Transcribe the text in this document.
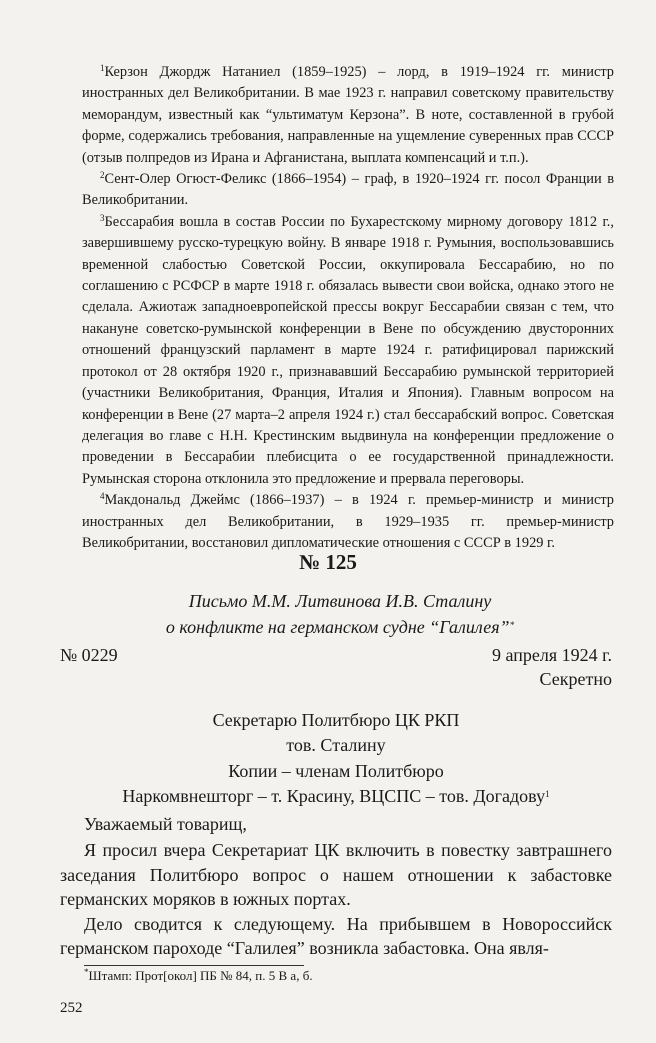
$^1$Керзон Джордж Натаниел (1859–1925) – лорд, в 1919–1924 гг. министр иностранных дел Великобритании. В мае 1923 г. направил советскому правительству меморандум, известный как “ультиматум Керзона”. В ноте, составленной в грубой форме, содержались требования, направленные на ущемление суверенных прав СССР (отзыв полпредов из Ирана и Афганистана, выплата компенсаций и т.п.).

$^2$Сент-Олер Огюст-Феликс (1866–1954) – граф, в 1920–1924 гг. посол Франции в Великобритании.

$^3$Бессарабия вошла в состав России по Бухарестскому мирному договору 1812 г., завершившему русско-турецкую войну. В январе 1918 г. Румыния, воспользовавшись временной слабостью Советской России, оккупировала Бессарабию, но по соглашению с РСФСР в марте 1918 г. обязалась вывести свои войска, однако этого не сделала. Ажиотаж западноевропейской прессы вокруг Бессарабии связан с тем, что накануне советско-румынской конференции в Вене по обсуждению двусторонних отношений французский парламент в марте 1924 г. ратифицировал парижский протокол от 28 октября 1920 г., признававший Бессарабию румынской территорией (участники Великобритания, Франция, Италия и Япония). Главным вопросом на конференции в Вене (27 марта–2 апреля 1924 г.) стал бессарабский вопрос. Советская делегация во главе с Н.Н. Крестинским выдвинула на конференции предложение о проведении в Бессарабии плебисцита о ее государственной принадлежности. Румынская сторона отклонила это предложение и прервала переговоры.

$^4$Макдональд Джеймс (1866–1937) – в 1924 г. премьер-министр и министр иностранных дел Великобритании, в 1929–1935 гг. премьер-министр Великобритании, восстановил дипломатические отношения с СССР в 1929 г.

№ 125
Письмо М.М. Литвинова И.В. Сталину
о конфликте на германском судне “Галилея”*
№ 0229	9 апреля 1924 г.
Секретно
Секретарю Политбюро ЦК РКП
тов. Сталину
Копии – членам Политбюро
Наркомвнешторг – т. Красину, ВЦСПС – тов. Догадову$^1$
Уважаемый товарищ,

Я просил вчера Секретариат ЦК включить в повестку завтрашнего заседания Политбюро вопрос о нашем отношении к забастовке германских моряков в южных портах.

Дело сводится к следующему. На прибывшем в Новороссийск германском пароходе “Галилея” возникла забастовка. Она явля-

*Штамп: Прот[окол] ПБ № 84, п. 5 В а, б.
252
